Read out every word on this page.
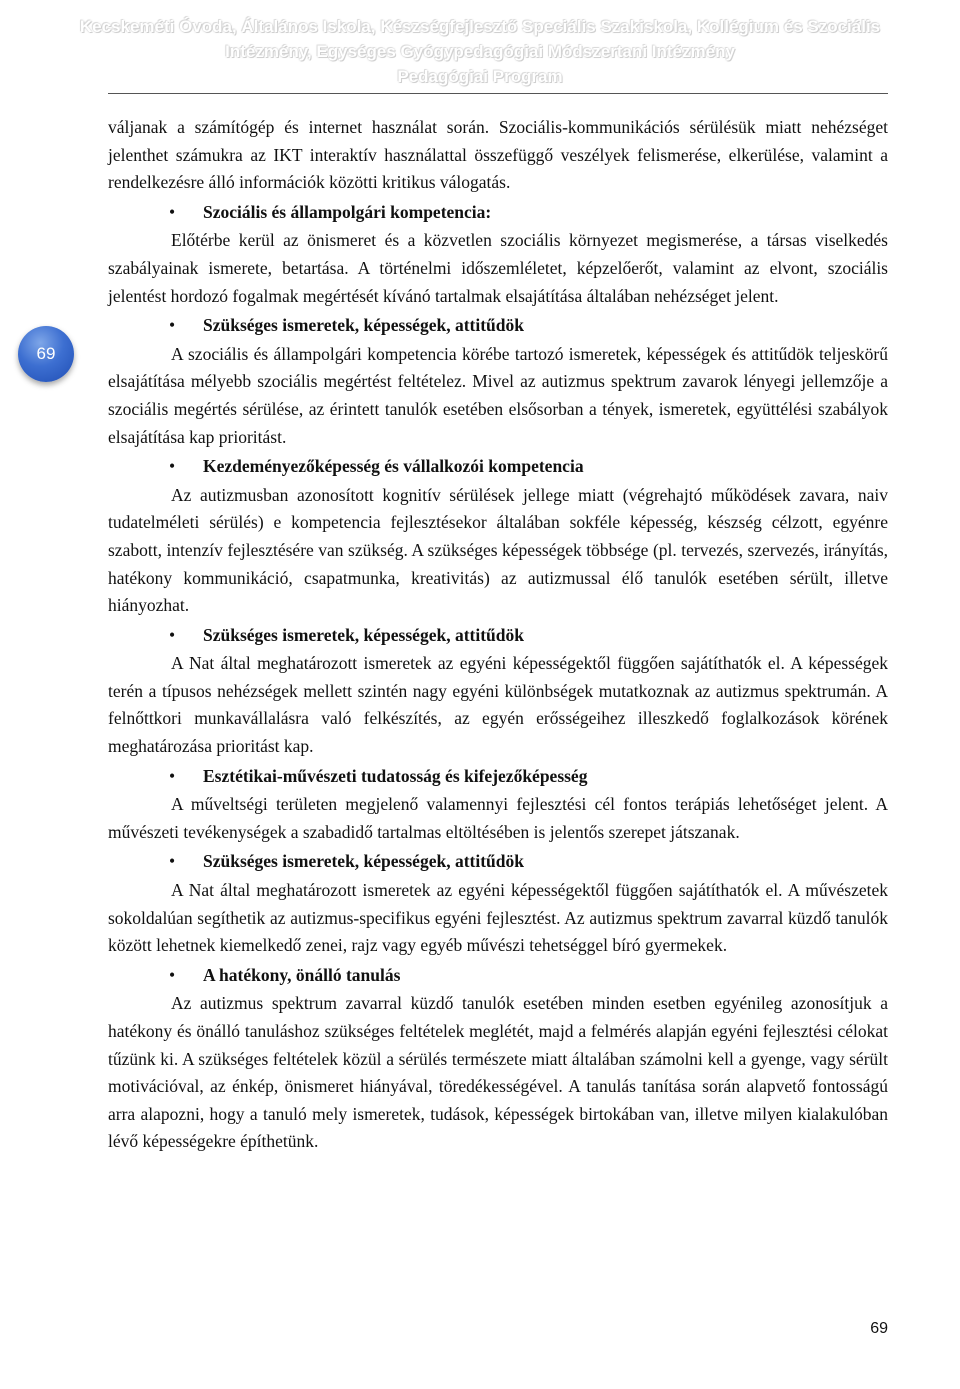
Kecskeméti Óvoda, Általános Iskola, Készségfejlesztő Speciális Szakiskola, Kollégium és Szociális
Intézmény, Egységes Gyógypedagógiai Módszertani Intézmény
Pedagógiai Program
69

váljanak a számítógép és internet használat során. Szociális-kommunikációs sérülésük miatt nehézséget jelenthet számukra az IKT interaktív használattal összefüggő veszélyek felismerése, elkerülése, valamint a rendelkezésre álló információk közötti kritikus válogatás.

• Szociális és állampolgári kompetencia:

Előtérbe kerül az önismeret és a közvetlen szociális környezet megismerése, a társas viselkedés szabályainak ismerete, betartása. A történelmi időszemléletet, képzelőerőt, valamint az elvont, szociális jelentést hordozó fogalmak megértését kívánó tartalmak elsajátítása általában nehézséget jelent.

• Szükséges ismeretek, képességek, attitűdök

A szociális és állampolgári kompetencia körébe tartozó ismeretek, képességek és attitűdök teljeskörű elsajátítása mélyebb szociális megértést feltételez. Mivel az autizmus spektrum zavarok lényegi jellemzője a szociális megértés sérülése, az érintett tanulók esetében elsősorban a tények, ismeretek, együttélési szabályok elsajátítása kap prioritást.

• Kezdeményezőképesség és vállalkozói kompetencia

Az autizmusban azonosított kognitív sérülések jellege miatt (végrehajtó működések zavara, naiv tudatelméleti sérülés) e kompetencia fejlesztésekor általában sokféle képesség, készség célzott, egyénre szabott, intenzív fejlesztésére van szükség. A szükséges képességek többsége (pl. tervezés, szervezés, irányítás, hatékony kommunikáció, csapatmunka, kreativitás) az autizmussal élő tanulók esetében sérült, illetve hiányozhat.

• Szükséges ismeretek, képességek, attitűdök

A Nat által meghatározott ismeretek az egyéni képességektől függően sajátíthatók el. A képességek terén a típusos nehézségek mellett szintén nagy egyéni különbségek mutatkoznak az autizmus spektrumán. A felnőttkori munkavállalásra való felkészítés, az egyén erősségeihez illeszkedő foglalkozások körének meghatározása prioritást kap.

• Esztétikai-művészeti tudatosság és kifejezőképesség

A műveltségi területen megjelenő valamennyi fejlesztési cél fontos terápiás lehetőséget jelent. A művészeti tevékenységek a szabadidő tartalmas eltöltésében is jelentős szerepet játszanak.

• Szükséges ismeretek, képességek, attitűdök

A Nat által meghatározott ismeretek az egyéni képességektől függően sajátíthatók el. A művészetek sokoldalúan segíthetik az autizmus-specifikus egyéni fejlesztést. Az autizmus spektrum zavarral küzdő tanulók között lehetnek kiemelkedő zenei, rajz vagy egyéb művészi tehetséggel bíró gyermekek.

• A hatékony, önálló tanulás

Az autizmus spektrum zavarral küzdő tanulók esetében minden esetben egyénileg azonosítjuk a hatékony és önálló tanuláshoz szükséges feltételek meglétét, majd a felmérés alapján egyéni fejlesztési célokat tűzünk ki. A szükséges feltételek közül a sérülés természete miatt általában számolni kell a gyenge, vagy sérült motivációval, az énkép, önismeret hiányával, töredékességével. A tanulás tanítása során alapvető fontosságú arra alapozni, hogy a tanuló mely ismeretek, tudások, képességek birtokában van, illetve milyen kialakulóban lévő képességekre építhetünk.

69
